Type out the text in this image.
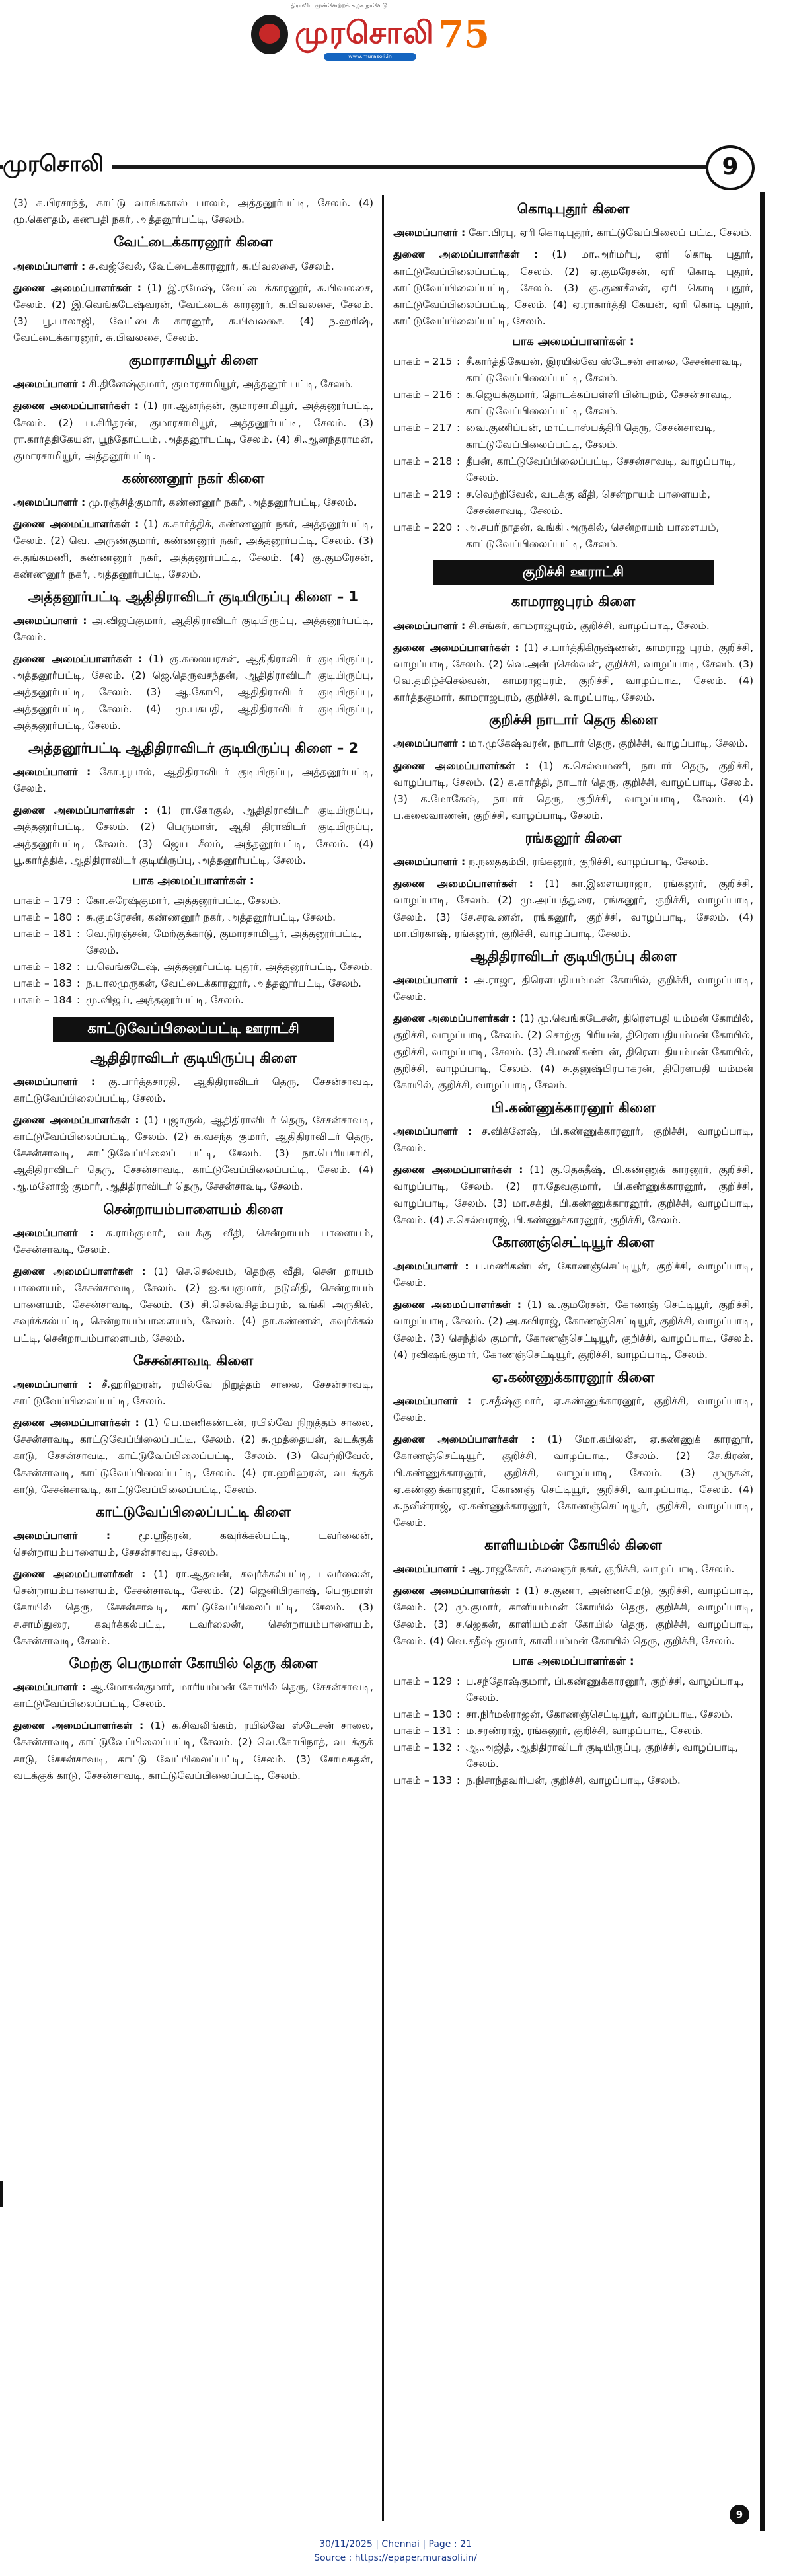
திராவிட முன்னேற்றக் கழக நாளேடு
முரசொலி 75
www.murasoli.in
முரசொலி	9

(3) க.பிரசாந்த், காட்டு வாங்ககாஸ் பாலம், அத்தனூர்பட்டி, சேலம். (4) மு.கௌதம், கணபதி நகர், அத்தனூர்பட்டி, சேலம்.

வேட்டைக்காரனூர் கிளை

அமைப்பாளர் : சு.வஜ்வேல், வேட்டைக்காரனூர், சு.பிவலசை, சேலம்.

துணை அமைப்பாளர்கள் : (1) இ.ரமேஷ், வேட்டைக்காரனூர், சு.பிவலசை, சேலம். (2) இ.வெங்கடேஷ்வரன், வேட்டைக் காரனூர், சு.பிவலசை, சேலம். (3) பூ.பாலாஜி, வேட்டைக் காரனூர், சு.பிவலசை. (4) ந.ஹரிஷ், வேட்டைக்காரனூர், சு.பிவலசை, சேலம்.

குமாரசாமியூர் கிளை

அமைப்பாளர் : சி.தினேஷ்குமார், குமாரசாமியூர், அத்தனூர் பட்டி, சேலம்.

துணை அமைப்பாளர்கள் : (1) ரா.ஆனந்தன், குமாரசாமியூர், அத்தனூர்பட்டி, சேலம். (2) ப.கிரிதரன், குமாரசாமியூர், அத்தனூர்பட்டி, சேலம். (3) ரா.கார்த்திகேயன், பூந்தோட்டம், அத்தனூர்பட்டி, சேலம். (4) சி.ஆனந்தராமன், குமாரசாமியூர், அத்தனூர்பட்டி.

கண்ணனூர் நகர் கிளை

அமைப்பாளர் : மு.ரஞ்சித்குமார், கண்ணனூர் நகர், அத்தனூர்பட்டி, சேலம்.

துணை அமைப்பாளர்கள் : (1) க.கார்த்திக், கண்ணனூர் நகர், அத்தனூர்பட்டி, சேலம். (2) வெ. அருண்குமார், கண்ணனூர் நகர், அத்தனூர்பட்டி, சேலம். (3) சு.தங்கமணி, கண்ணனூர் நகர், அத்தனூர்பட்டி, சேலம். (4) கு.குமரேசன், கண்ணனூர் நகர், அத்தனூர்பட்டி, சேலம்.

அத்தனூர்பட்டி ஆதிதிராவிடர் குடியிருப்பு கிளை – 1

அமைப்பாளர் : அ.விஜய்குமார், ஆதிதிராவிடர் குடியிருப்பு, அத்தனூர்பட்டி, சேலம்.

துணை அமைப்பாளர்கள் : (1) கு.கலையரசன், ஆதிதிராவிடர் குடியிருப்பு, அத்தனூர்பட்டி, சேலம். (2) ஜெ.தெருவசந்தன், ஆதிதிராவிடர் குடியிருப்பு, அத்தனூர்பட்டி, சேலம். (3) ஆ.கோபி, ஆதிதிராவிடர் குடியிருப்பு, அத்தனூர்பட்டி, சேலம். (4) மு.பசுபதி, ஆதிதிராவிடர் குடியிருப்பு, அத்தனூர்பட்டி, சேலம்.

அத்தனூர்பட்டி ஆதிதிராவிடர் குடியிருப்பு கிளை – 2

அமைப்பாளர் : கோ.பூபால், ஆதிதிராவிடர் குடியிருப்பு, அத்தனூர்பட்டி, சேலம்.

துணை அமைப்பாளர்கள் : (1) ரா.கோகுல், ஆதிதிராவிடர் குடியிருப்பு, அத்தனூர்பட்டி, சேலம். (2) பெருமாள், ஆதி திராவிடர் குடியிருப்பு, அத்தனூர்பட்டி, சேலம். (3) ஜெய சீலம், அத்தனூர்பட்டி, சேலம். (4) பூ.கார்த்திக், ஆதிதிராவிடர் குடியிருப்பு, அத்தனூர்பட்டி, சேலம்.

பாக அமைப்பாளர்கள் :
பாகம் – 179 : கோ.சுரேஷ்குமார், அத்தனூர்பட்டி, சேலம்.
பாகம் – 180 : சு.குமரேசன், கண்ணனூர் நகர், அத்தனூர்பட்டி, சேலம்.
பாகம் – 181 : வெ.நிரஞ்சன், மேற்குக்காடு, குமாரசாமியூர், அத்தனூர்பட்டி, சேலம்.
பாகம் – 182 : ப.வெங்கடேஷ், அத்தனூர்பட்டி புதூர், அத்தனூர்பட்டி, சேலம்.
பாகம் – 183 : ந.பாலமுருகன், வேட்டைக்காரனூர், அத்தனூர்பட்டி, சேலம்.
பாகம் – 184 : மு.விஜய், அத்தனூர்பட்டி, சேலம்.
காட்டுவேப்பிலைப்பட்டி ஊராட்சி
ஆதிதிராவிடர் குடியிருப்பு கிளை

அமைப்பாளர் : கு.பார்த்தசாரதி, ஆதிதிராவிடர் தெரு, சேசன்சாவடி, காட்டுவேப்பிலைப்பட்டி, சேலம்.

துணை அமைப்பாளர்கள் : (1) புஜாருல், ஆதிதிராவிடர் தெரு, சேசன்சாவடி, காட்டுவேப்பிலைப்பட்டி, சேலம். (2) சு.வசந்த குமார், ஆதிதிராவிடர் தெரு, சேசன்சாவடி, காட்டுவேப்பிலைப் பட்டி, சேலம். (3) நா.பெரியசாமி, ஆதிதிராவிடர் தெரு, சேசன்சாவடி, காட்டுவேப்பிலைப்பட்டி, சேலம். (4) ஆ.மனோஜ் குமார், ஆதிதிராவிடர் தெரு, சேசன்சாவடி, சேலம்.

சென்றாயம்பாளையம் கிளை

அமைப்பாளர் : சு.ராம்குமார், வடக்கு வீதி, சென்றாயம் பாளையம், சேசன்சாவடி, சேலம்.

துணை அமைப்பாளர்கள் : (1) செ.செல்வம், தெற்கு வீதி, சென் றாயம் பாளையம், சேசன்சாவடி, சேலம். (2) ஐ.சுபகுமார், நடுவீதி, சென்றாயம் பாளையம், சேசன்சாவடி, சேலம். (3) சி.செல்வசிதம்பரம், வங்கி அருகில், கவுர்க்கல்பட்டி, சென்றாயம்பாளையம், சேலம். (4) நா.கண்ணன், கவுர்க்கல் பட்டி, சென்றாயம்பாளையம், சேலம்.

சேசன்சாவடி கிளை

அமைப்பாளர் : சீ.ஹரிஹரன், ரயில்வே நிறுத்தம் சாலை, சேசன்சாவடி, காட்டுவேப்பிலைப்பட்டி, சேலம்.

துணை அமைப்பாளர்கள் : (1) பெ.மணிகண்டன், ரயில்வே நிறுத்தம் சாலை, சேசன்சாவடி, காட்டுவேப்பிலைப்பட்டி, சேலம். (2) சு.முத்தையன், வடக்குக் காடு, சேசன்சாவடி, காட்டுவேப்பிலைப்பட்டி, சேலம். (3) வெற்றிவேல், சேசன்சாவடி, காட்டுவேப்பிலைப்பட்டி, சேலம். (4) ரா.ஹரிஹரன், வடக்குக் காடு, சேசன்சாவடி, காட்டுவேப்பிலைப்பட்டி, சேலம்.

காட்டுவேப்பிலைப்பட்டி கிளை

அமைப்பாளர் : மூ.ஸ்ரீதரன், கவுர்க்கல்பட்டி, டவர்லைன், சென்றாயம்பாளையம், சேசன்சாவடி, சேலம்.

துணை அமைப்பாளர்கள் : (1) ரா.ஆதவன், கவுர்க்கல்பட்டி, டவர்லைன், சென்றாயம்பாளையம், சேசன்சாவடி, சேலம். (2) ஜெனிபிரகாஷ், பெருமாள் கோயில் தெரு, சேசன்சாவடி, காட்டுவேப்பிலைப்பட்டி, சேலம். (3) ச.சாமிதுரை, கவுர்க்கல்பட்டி, டவர்லைன், சென்றாயம்பாளையம், சேசன்சாவடி, சேலம்.

மேற்கு பெருமாள் கோயில் தெரு கிளை

அமைப்பாளர் : ஆ.மோகன்குமார், மாரியம்மன் கோயில் தெரு, சேசன்சாவடி, காட்டுவேப்பிலைப்பட்டி, சேலம்.

துணை அமைப்பாளர்கள் : (1) க.சிவலிங்கம், ரயில்வே ஸ்டேசன் சாலை, சேசன்சாவடி, காட்டுவேப்பிலைப்பட்டி, சேலம். (2) வெ.கோபிநாத், வடக்குக் காடு, சேசன்சாவடி, காட்டு வேப்பிலைப்பட்டி, சேலம். (3) சோமசுதன், வடக்குக் காடு, சேசன்சாவடி, காட்டுவேப்பிலைப்பட்டி, சேலம்.

கொடிபுதூர் கிளை

அமைப்பாளர் : கோ.பிரபு, ஏரி கொடிபுதூர், காட்டுவேப்பிலைப் பட்டி, சேலம்.

துணை அமைப்பாளர்கள் : (1) மா.அரிமர்பு, ஏரி கொடி புதூர், காட்டுவேப்பிலைப்பட்டி, சேலம். (2) ஏ.குமரேசன், ஏரி கொடி புதூர், காட்டுவேப்பிலைப்பட்டி, சேலம். (3) கு.குணசீலன், ஏரி கொடி புதூர், காட்டுவேப்பிலைப்பட்டி, சேலம். (4) ஏ.ராகார்த்தி கேயன், ஏரி கொடி புதூர், காட்டுவேப்பிலைப்பட்டி, சேலம்.

பாக அமைப்பாளர்கள் :
பாகம் – 215 : சீ.கார்த்திகேயன், இரயில்வே ஸ்டேசன் சாலை, சேசன்சாவடி, காட்டுவேப்பிலைப்பட்டி, சேலம்.
பாகம் – 216 : க.ஜெயக்குமார், தொடக்கப்பள்ளி பின்புறம், சேசன்சாவடி, காட்டுவேப்பிலைப்பட்டி, சேலம்.
பாகம் – 217 : வை.குணிப்பன், மாட்டாஸ்பத்திரி தெரு, சேசன்சாவடி, காட்டுவேப்பிலைப்பட்டி, சேலம்.
பாகம் – 218 : தீபன், காட்டுவேப்பிலைப்பட்டி, சேசன்சாவடி, வாழப்பாடி, சேலம்.
பாகம் – 219 : ச.வெற்றிவேல், வடக்கு வீதி, சென்றாயம் பாளையம், சேசன்சாவடி, சேலம்.
பாகம் – 220 : அ.சபரிநாதன், வங்கி அருகில், சென்றாயம் பாளையம், காட்டுவேப்பிலைப்பட்டி, சேலம்.
குறிச்சி ஊராட்சி
காமராஜபுரம் கிளை

அமைப்பாளர் : சி.சங்கர், காமராஜபுரம், குறிச்சி, வாழப்பாடி, சேலம்.

துணை அமைப்பாளர்கள் : (1) ச.பார்த்திகிருஷ்ணன், காமராஜ புரம், குறிச்சி, வாழப்பாடி, சேலம். (2) வெ.அன்புசெல்வன், குறிச்சி, வாழப்பாடி, சேலம். (3) வெ.தமிழ்ச்செல்வன், காமராஜபுரம், குறிச்சி, வாழப்பாடி, சேலம். (4) கார்த்தகுமார், காமராஜபுரம், குறிச்சி, வாழப்பாடி, சேலம்.

குறிச்சி நாடார் தெரு கிளை

அமைப்பாளர் : மா.முகேஷ்வரன், நாடார் தெரு, குறிச்சி, வாழப்பாடி, சேலம்.

துணை அமைப்பாளர்கள் : (1) க.செல்வமணி, நாடார் தெரு, குறிச்சி, வாழப்பாடி, சேலம். (2) க.கார்த்தி, நாடார் தெரு, குறிச்சி, வாழப்பாடி, சேலம். (3) க.மோகேஷ், நாடார் தெரு, குறிச்சி, வாழப்பாடி, சேலம். (4) ப.கலைவாணன், குறிச்சி, வாழப்பாடி, சேலம்.

ரங்கனூர் கிளை

அமைப்பாளர் : ந.நதைதம்பி, ரங்கனூர், குறிச்சி, வாழப்பாடி, சேலம்.

துணை அமைப்பாளர்கள் : (1) கா.இளையராஜா, ரங்கனூர், குறிச்சி, வாழப்பாடி, சேலம். (2) மு.அப்பத்துரை, ரங்கனூர், குறிச்சி, வாழப்பாடி, சேலம். (3) சே.சரவணன், ரங்கனூர், குறிச்சி, வாழப்பாடி, சேலம். (4) மா.பிரகாஷ், ரங்கனூர், குறிச்சி, வாழப்பாடி, சேலம்.

ஆதிதிராவிடர் குடியிருப்பு கிளை

அமைப்பாளர் : அ.ராஜா, திரௌபதியம்மன் கோயில், குறிச்சி, வாழப்பாடி, சேலம்.

துணை அமைப்பாளர்கள் : (1) மு.வெங்கடேசன், திரௌபதி யம்மன் கோயில், குறிச்சி, வாழப்பாடி, சேலம். (2) சொற்கு பிரியன், திரௌபதியம்மன் கோயில், குறிச்சி, வாழப்பாடி, சேலம். (3) சி.மணிகண்டன், திரௌபதியம்மன் கோயில், குறிச்சி, வாழப்பாடி, சேலம். (4) சு.தனுஷ்பிரபாகரன், திரௌபதி யம்மன் கோயில், குறிச்சி, வாழப்பாடி, சேலம்.

பி.கண்ணுக்காரனூர் கிளை

அமைப்பாளர் : ச.விக்னேஷ், பி.கண்ணுக்காரனூர், குறிச்சி, வாழப்பாடி, சேலம்.

துணை அமைப்பாளர்கள் : (1) கு.தெசுதீஷ், பி.கண்ணுக் காரனூர், குறிச்சி, வாழப்பாடி, சேலம். (2) ரா.தேவகுமார், பி.கண்ணுக்காரனூர், குறிச்சி, வாழப்பாடி, சேலம். (3) மா.சக்தி, பி.கண்ணுக்காரனூர், குறிச்சி, வாழப்பாடி, சேலம். (4) ச.செல்வராஜ், பி.கண்ணுக்காரனூர், குறிச்சி, சேலம்.

கோணஞ்செட்டியூர் கிளை

அமைப்பாளர் : ப.மணிகண்டன், கோணஞ்செட்டியூர், குறிச்சி, வாழப்பாடி, சேலம்.

துணை அமைப்பாளர்கள் : (1) வ.குமரேசன், கோணஞ் செட்டியூர், குறிச்சி, வாழப்பாடி, சேலம். (2) அ.கவிராஜ், கோணஞ்செட்டியூர், குறிச்சி, வாழப்பாடி, சேலம். (3) செந்தில் குமார், கோணஞ்செட்டியூர், குறிச்சி, வாழப்பாடி, சேலம். (4) ரவிஷங்குமார், கோணஞ்செட்டியூர், குறிச்சி, வாழப்பாடி, சேலம்.

ஏ.கண்ணுக்காரனூர் கிளை

அமைப்பாளர் : ர.சதீஷ்குமார், ஏ.கண்ணுக்காரனூர், குறிச்சி, வாழப்பாடி, சேலம்.

துணை அமைப்பாளர்கள் : (1) மோ.கபிலன், ஏ.கண்ணுக் காரனூர், கோணஞ்செட்டியூர், குறிச்சி, வாழப்பாடி, சேலம். (2) சே.கிரண், பி.கண்ணுக்காரனூர், குறிச்சி, வாழப்பாடி, சேலம். (3) முருகன், ஏ.கண்ணுக்காரனூர், கோணஞ் செட்டியூர், குறிச்சி, வாழப்பாடி, சேலம். (4) க.நவீன்ராஜ், ஏ.கண்ணுக்காரனூர், கோணஞ்செட்டியூர், குறிச்சி, வாழப்பாடி, சேலம்.

காளியம்மன் கோயில் கிளை

அமைப்பாளர் : ஆ.ராஜசேகர், கலைஞர் நகர், குறிச்சி, வாழப்பாடி, சேலம்.

துணை அமைப்பாளர்கள் : (1) ச.குணா, அண்ணமேடு, குறிச்சி, வாழப்பாடி, சேலம். (2) மு.குமார், காளியம்மன் கோயில் தெரு, குறிச்சி, வாழப்பாடி, சேலம். (3) ச.ஜெகன், காளியம்மன் கோயில் தெரு, குறிச்சி, வாழப்பாடி, சேலம். (4) வெ.சதீஷ் குமார், காளியம்மன் கோயில் தெரு, குறிச்சி, சேலம்.

பாக அமைப்பாளர்கள் :
பாகம் – 129 : ப.சந்தோஷ்குமார், பி.கண்ணுக்காரனூர், குறிச்சி, வாழப்பாடி, சேலம்.
பாகம் – 130 : சா.நிர்மல்ராஜன், கோணஞ்செட்டியூர், வாழப்பாடி, சேலம்.
பாகம் – 131 : ம.சரண்ராஜ், ரங்கனூர், குறிச்சி, வாழப்பாடி, சேலம்.
பாகம் – 132 : ஆ.அஜித், ஆதிதிராவிடர் குடியிருப்பு, குறிச்சி, வாழப்பாடி, சேலம்.
பாகம் – 133 : ந.நிசாந்தவரியன், குறிச்சி, வாழப்பாடி, சேலம்.
9
30/11/2025 | Chennai | Page : 21
Source : https://epaper.murasoli.in/
